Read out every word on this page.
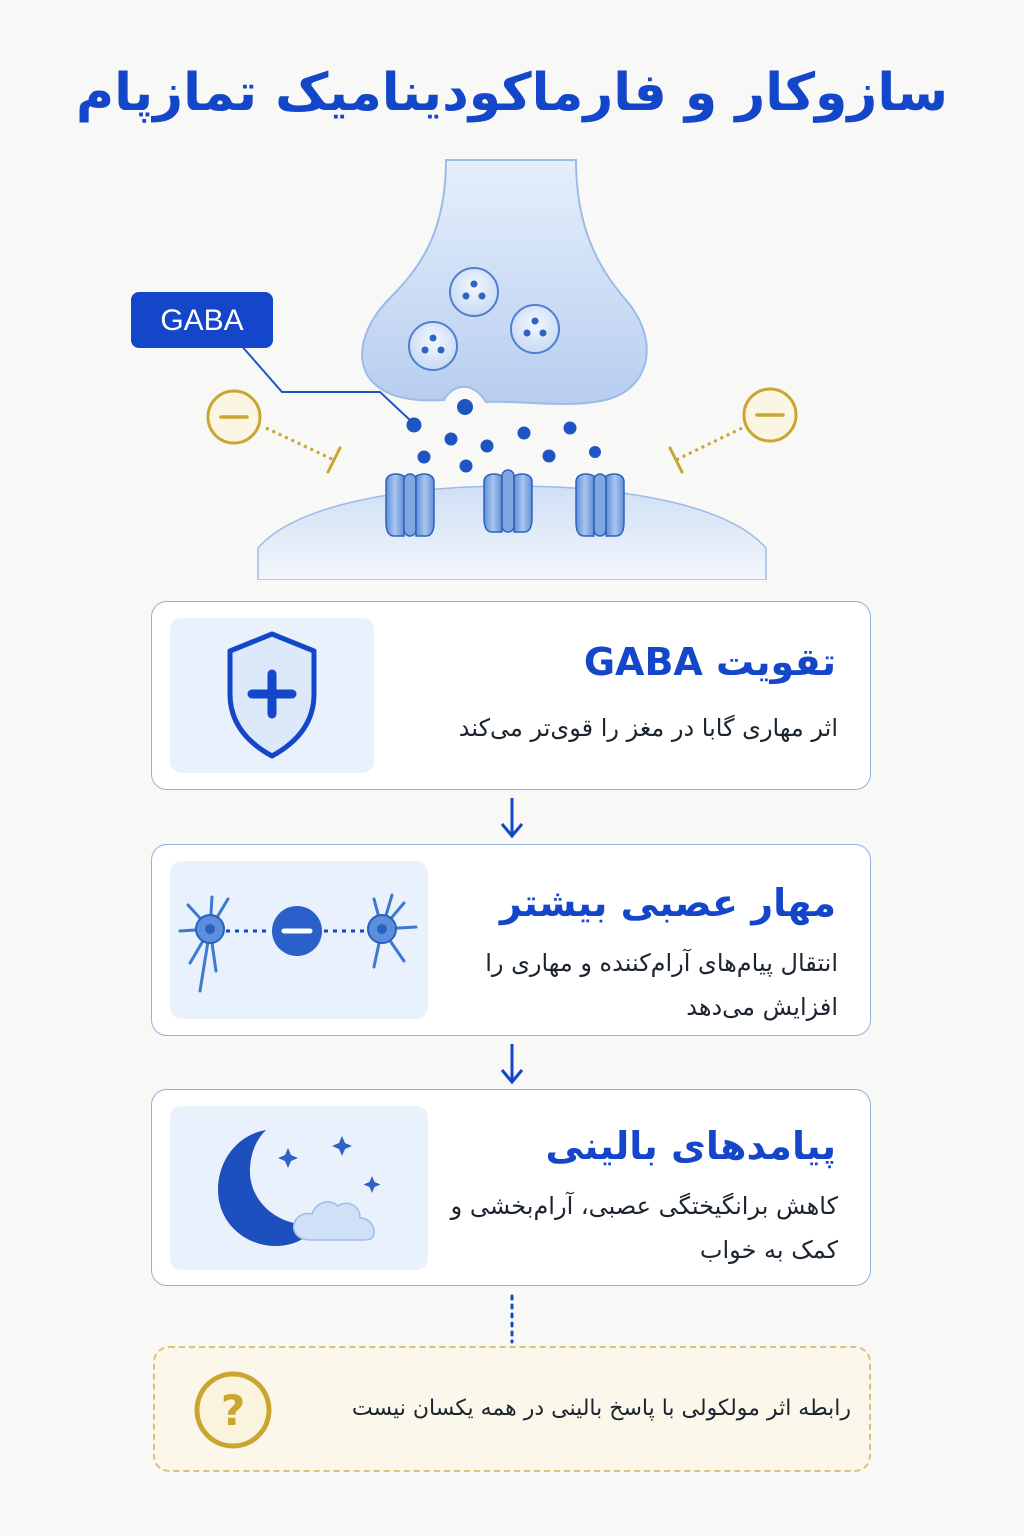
سازوکار و فارماکودینامیک تمازپام
GABA
تقویت GABA
اثر مهاری گابا در مغز را قوی‌تر می‌کند
مهار عصبی بیشتر
انتقال پیام‌های آرام‌کننده و مهاری را افزایش می‌دهد
پیامدهای بالینی
کاهش برانگیختگی عصبی، آرام‌بخشی و کمک به خواب
?	رابطه اثر مولکولی با پاسخ بالینی در همه یکسان نیست
